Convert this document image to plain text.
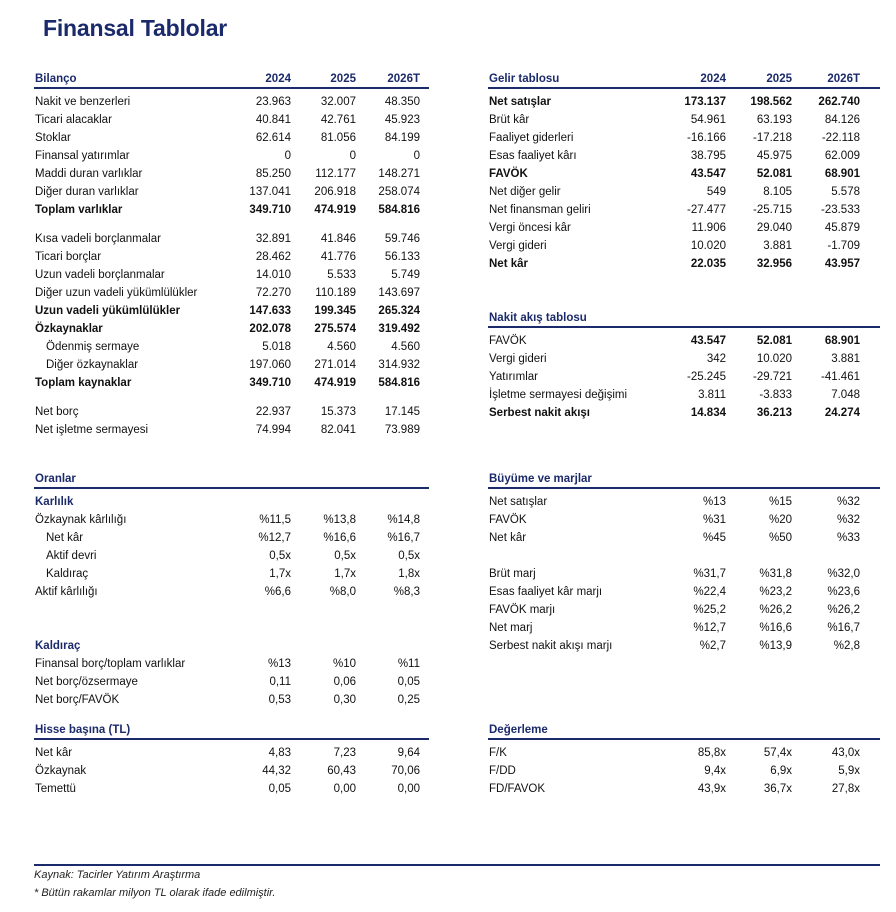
Finansal Tablolar
Bilanço	2024	2025	2026T
Nakit ve benzerleri	23.963	32.007	48.350
Ticari alacaklar	40.841	42.761	45.923
Stoklar	62.614	81.056	84.199
Finansal yatırımlar	0	0	0
Maddi duran varlıklar	85.250	112.177	148.271
Diğer duran varlıklar	137.041	206.918	258.074
Toplam varlıklar	349.710	474.919	584.816
Kısa vadeli borçlanmalar	32.891	41.846	59.746
Ticari borçlar	28.462	41.776	56.133
Uzun vadeli borçlanmalar	14.010	5.533	5.749
Diğer uzun vadeli yükümlülükler	72.270	110.189	143.697
Uzun vadeli yükümlülükler	147.633	199.345	265.324
Özkaynaklar	202.078	275.574	319.492
Ödenmiş sermaye	5.018	4.560	4.560
Diğer özkaynaklar	197.060	271.014	314.932
Toplam kaynaklar	349.710	474.919	584.816
Net borç	22.937	15.373	17.145
Net işletme sermayesi	74.994	82.041	73.989
Oranlar
Karlılık
Özkaynak kârlılığı	%11,5	%13,8	%14,8
Net kâr	%12,7	%16,6	%16,7
Aktif devri	0,5x	0,5x	0,5x
Kaldıraç	1,7x	1,7x	1,8x
Aktif kârlılığı	%6,6	%8,0	%8,3
Kaldıraç
Finansal borç/toplam varlıklar	%13	%10	%11
Net borç/özsermaye	0,11	0,06	0,05
Net borç/FAVÖK	0,53	0,30	0,25
Hisse başına (TL)
Net kâr	4,83	7,23	9,64
Özkaynak	44,32	60,43	70,06
Temettü	0,05	0,00	0,00
Gelir tablosu	2024	2025	2026T
Net satışlar	173.137	198.562	262.740
Brüt kâr	54.961	63.193	84.126
Faaliyet giderleri	-16.166	-17.218	-22.118
Esas faaliyet kârı	38.795	45.975	62.009
FAVÖK	43.547	52.081	68.901
Net diğer gelir	549	8.105	5.578
Net finansman geliri	-27.477	-25.715	-23.533
Vergi öncesi kâr	11.906	29.040	45.879
Vergi gideri	10.020	3.881	-1.709
Net kâr	22.035	32.956	43.957
Nakit akış tablosu
FAVÖK	43.547	52.081	68.901
Vergi gideri	342	10.020	3.881
Yatırımlar	-25.245	-29.721	-41.461
İşletme sermayesi değişimi	3.811	-3.833	7.048
Serbest nakit akışı	14.834	36.213	24.274
Büyüme ve marjlar
Net satışlar	%13	%15	%32
FAVÖK	%31	%20	%32
Net kâr	%45	%50	%33
Brüt marj	%31,7	%31,8	%32,0
Esas faaliyet kâr marjı	%22,4	%23,2	%23,6
FAVÖK marjı	%25,2	%26,2	%26,2
Net marj	%12,7	%16,6	%16,7
Serbest nakit akışı marjı	%2,7	%13,9	%2,8
Değerleme
F/K	85,8x	57,4x	43,0x
F/DD	9,4x	6,9x	5,9x
FD/FAVOK	43,9x	36,7x	27,8x
Kaynak: Tacirler Yatırım Araştırma
* Bütün rakamlar milyon TL olarak ifade edilmiştir.
